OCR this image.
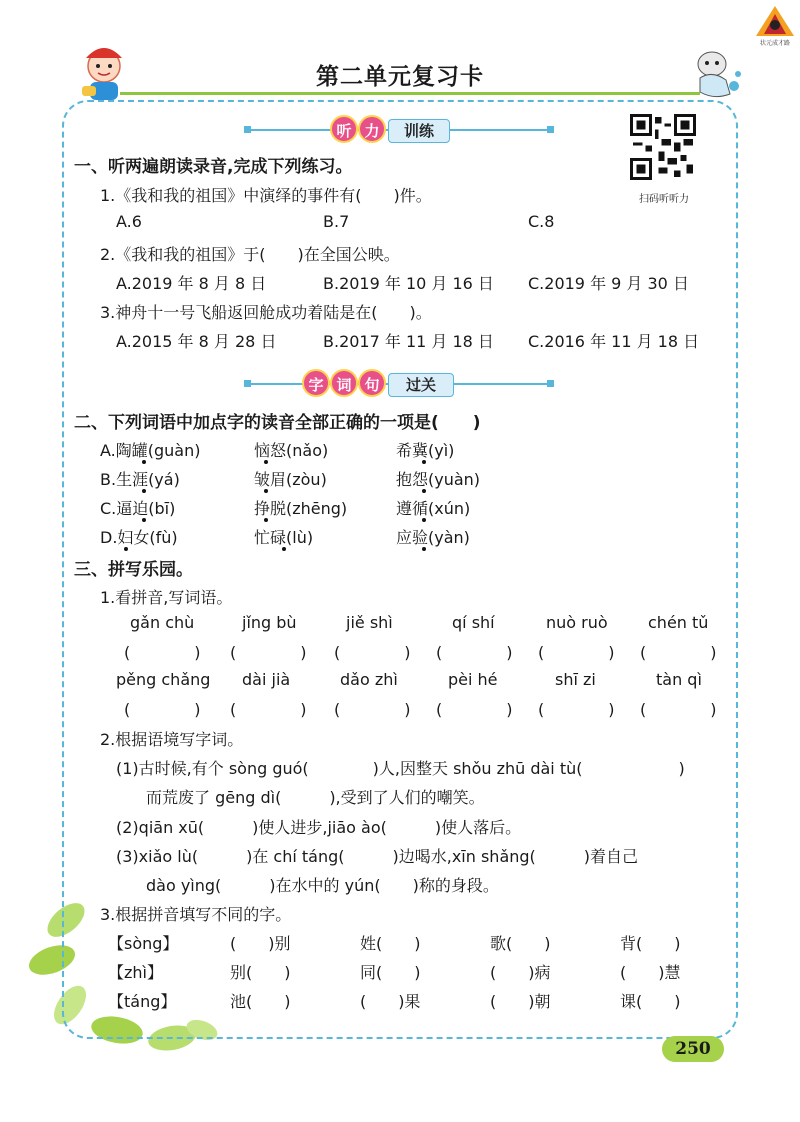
状元成才路
第二单元复习卡
扫码听听力
听 力	训练
一、听两遍朗读录音,完成下列练习。
1.《我和我的祖国》中演绎的事件有(　　)件。
A.6	B.7	C.8
2.《我和我的祖国》于(　　)在全国公映。
A.2019 年 8 月 8 日	B.2019 年 10 月 16 日 C.2019 年 9 月 30 日
3.神舟十一号飞船返回舱成功着陆是在(　　)。
A.2015 年 8 月 28 日	B.2017 年 11 月 18 日 C.2016 年 11 月 18 日
字 词 句	过关
二、下列词语中加点字的读音全部正确的一项是(　　)
A.陶罐(guàn)	恼怒(nǎo)	希冀(yì)
B.生涯(yá)	皱眉(zòu)	抱怨(yuàn)
C.逼迫(bī)	挣脱(zhēng)	遵循(xún)
D.妇女(fù)	忙碌(lù)	应验(yàn)
三、拼写乐园。
1.看拼音,写词语。
gǎn chù	jǐng bù	jiě shì	qí shí	nuò ruò	chén tǔ
(　　　　) (　　　　) (　　　　) (　　　　) (　　　　) (　　　　)
pěng chǎng dài jià	dǎo zhì	pèi hé	shī zi	tàn qì
(　　　　) (　　　　) (　　　　) (　　　　) (　　　　) (　　　　)
2.根据语境写字词。
(1)古时候,有个 sòng guó(　　　　)人,因整天 shǒu zhū dài tù(　　　　　　)
而荒废了 gēng dì(　　　),受到了人们的嘲笑。
(2)qiān xū(　　　)使人进步,jiāo ào(　　　)使人落后。
(3)xiǎo lù(　　　)在 chí táng(　　　)边喝水,xīn shǎng(　　　)着自己
dào yìng(　　　)在水中的 yún(　　)称的身段。
3.根据拼音填写不同的字。
【sòng】	(　　)别	姓(　　)	歌(　　)	背(　　)
【zhì】	别(　　)	同(　　)	(　　)病	(　　)慧
【táng】	池(　　)	(　　)果	(　　)朝	课(　　)
250
